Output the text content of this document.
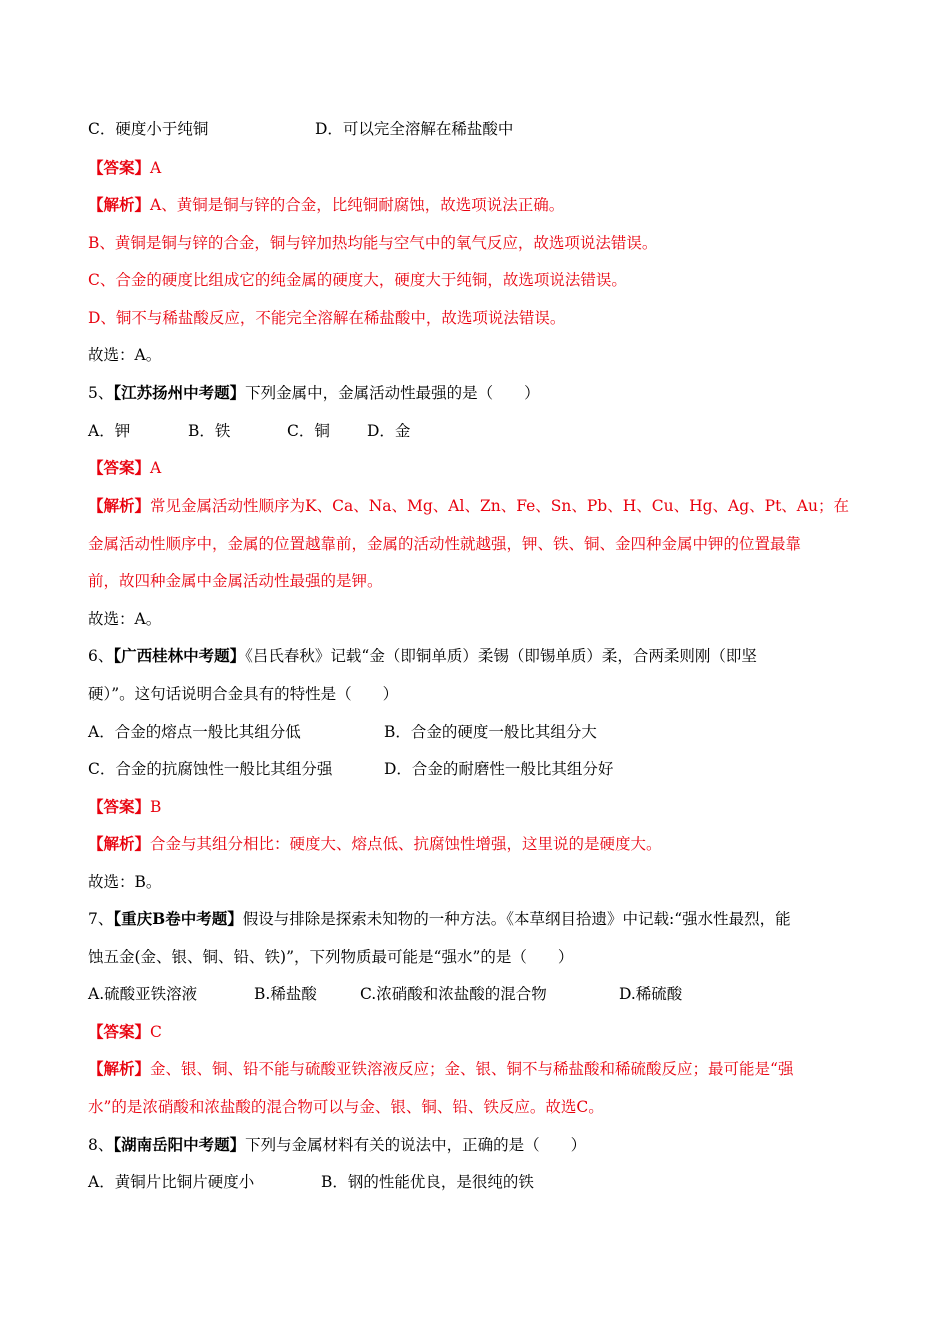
C．硬度小于纯铜	D．可以完全溶解在稀盐酸中
【答案】A
【解析】A、黄铜是铜与锌的合金，比纯铜耐腐蚀，故选项说法正确。
B、黄铜是铜与锌的合金，铜与锌加热均能与空气中的氧气反应，故选项说法错误。
C、合金的硬度比组成它的纯金属的硬度大，硬度大于纯铜，故选项说法错误。
D、铜不与稀盐酸反应，不能完全溶解在稀盐酸中，故选项说法错误。
故选：A。
5、【江苏扬州中考题】下列金属中，金属活动性最强的是（　　）
A．钾	B．铁	C．铜 D．金
【答案】A
【解析】常见金属活动性顺序为K、Ca、Na、Mg、Al、Zn、Fe、Sn、Pb、H、Cu、Hg、Ag、Pt、Au；在
金属活动性顺序中，金属的位置越靠前，金属的活动性就越强，钾、铁、铜、金四种金属中钾的位置最靠
前，故四种金属中金属活动性最强的是钾。
故选：A。
6、【广西桂林中考题】《吕氏春秋》记载“金（即铜单质）柔锡（即锡单质）柔，合两柔则刚（即坚
硬）”。这句话说明合金具有的特性是（　　）
A．合金的熔点一般比其组分低	B．合金的硬度一般比其组分大
C．合金的抗腐蚀性一般比其组分强	D．合金的耐磨性一般比其组分好
【答案】B
【解析】合金与其组分相比：硬度大、熔点低、抗腐蚀性增强，这里说的是硬度大。
故选：B。
7、【重庆B卷中考题】假设与排除是探索未知物的一种方法。《本草纲目拾遗》中记载:“强水性最烈，能
蚀五金(金、银、铜、铅、铁)”，下列物质最可能是“强水”的是（　　）
A.硫酸亚铁溶液	B.稀盐酸	C.浓硝酸和浓盐酸的混合物	D.稀硫酸
【答案】C
【解析】金、银、铜、铅不能与硫酸亚铁溶液反应；金、银、铜不与稀盐酸和稀硫酸反应；最可能是“强
水”的是浓硝酸和浓盐酸的混合物可以与金、银、铜、铅、铁反应。故选C。
8、【湖南岳阳中考题】下列与金属材料有关的说法中，正确的是（　　）
A．黄铜片比铜片硬度小	B．钢的性能优良，是很纯的铁
